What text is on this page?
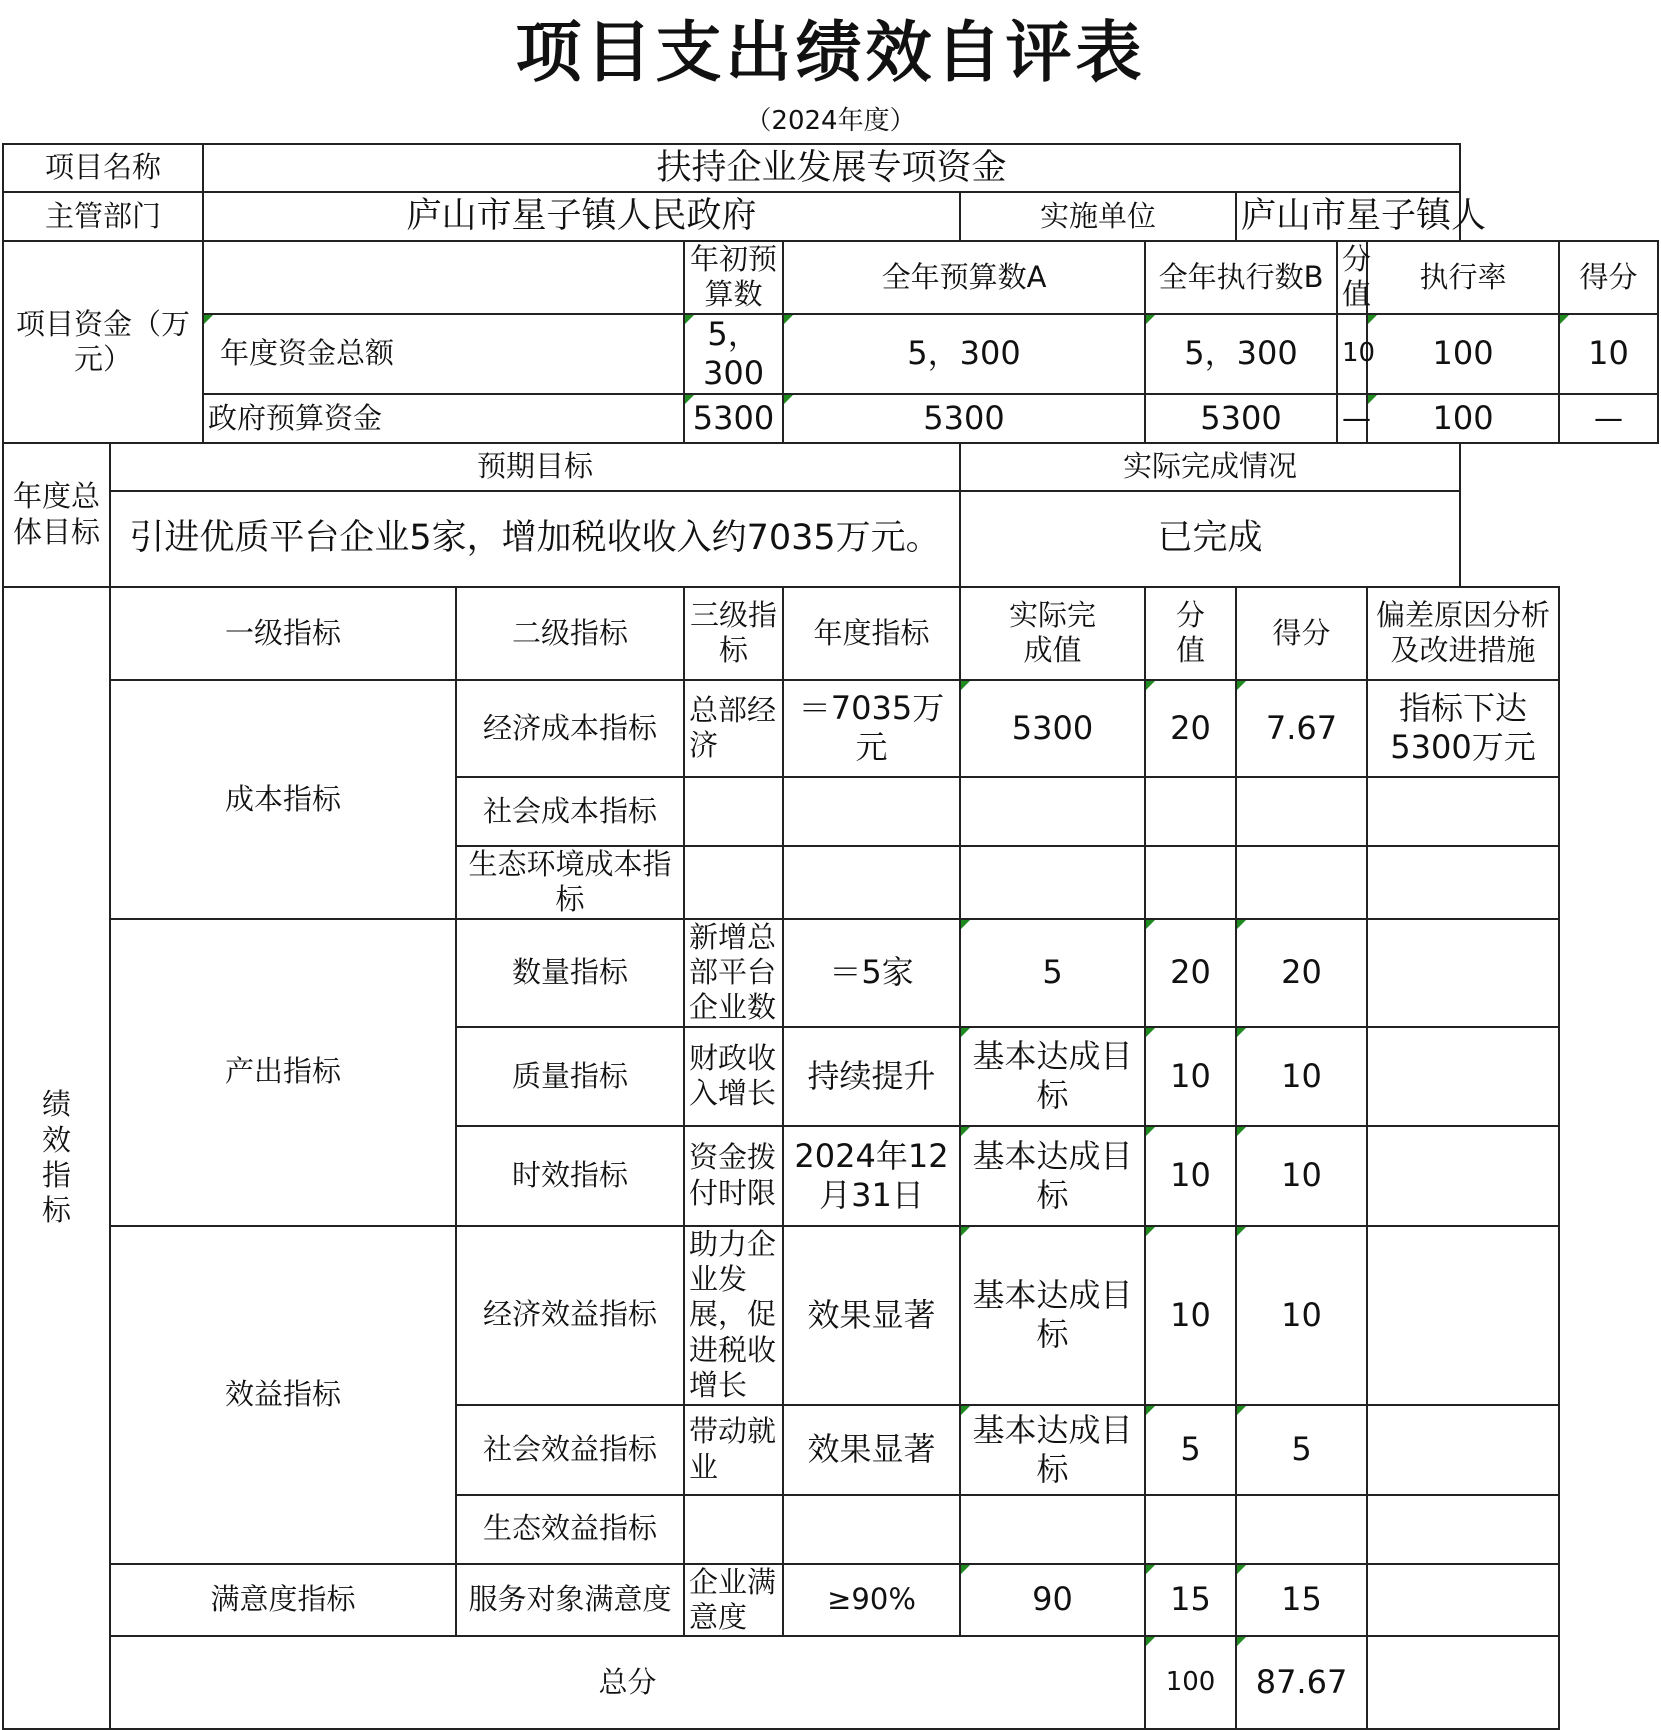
项目支出绩效自评表
（2024年度）
项目名称		扶持企业发展专项资金									
主管部门		庐山市星子镇人民政府				实施单位		庐山市星子镇人			
项目资金（万元）				年初预算数	全年预算数A		全年执行数B		分值	执行率	得分
		年度资金总额		5，300	5，300		5，300		10	100	10
		政府预算资金		5300	5300		5300		—	100	—
年度总体目标	预期目标					实际完成情况					
	引进优质平台企业5家，增加税收收入约7035万元。					已完成					
绩效指标	一级指标		二级指标	三级指标	年度指标	实际完成值	分值	得分		偏差原因分析及改进措施	
	成本指标		经济成本指标	总部经济	＝7035万元	5300	20	7.67		指标下达5300万元	
			社会成本指标								
			生态环境成本指标								
	产出指标		数量指标	新增总部平台企业数	＝5家	5	20	20			
			质量指标	财政收入增长	持续提升	基本达成目标	10	10			
			时效指标	资金拨付时限	2024年12月31日	基本达成目标	10	10			
	效益指标		经济效益指标	助力企业发展，促进税收增长	效果显著	基本达成目标	10	10			
			社会效益指标	带动就业	效果显著	基本达成目标	5	5			
			生态效益指标								
	满意度指标		服务对象满意度	企业满意度	≥90%	90	15	15			
	总分						100	87.67			
